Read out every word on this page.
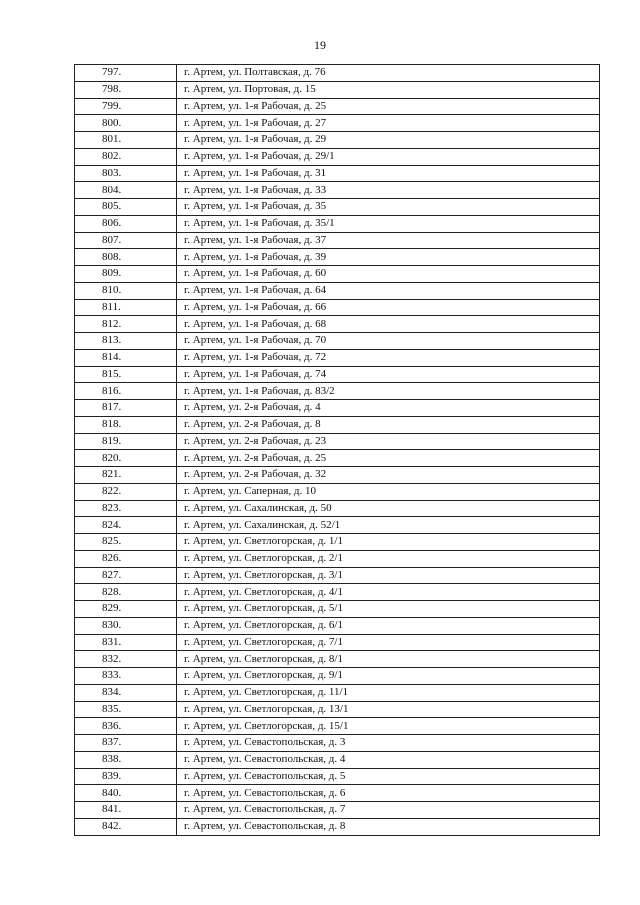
19
797.	г. Артем, ул. Полтавская, д. 76
798.	г. Артем, ул. Портовая, д. 15
799.	г. Артем, ул. 1-я Рабочая, д. 25
800.	г. Артем, ул. 1-я Рабочая, д. 27
801.	г. Артем, ул. 1-я Рабочая, д. 29
802.	г. Артем, ул. 1-я Рабочая, д. 29/1
803.	г. Артем, ул. 1-я Рабочая, д. 31
804.	г. Артем, ул. 1-я Рабочая, д. 33
805.	г. Артем, ул. 1-я Рабочая, д. 35
806.	г. Артем, ул. 1-я Рабочая, д. 35/1
807.	г. Артем, ул. 1-я Рабочая, д. 37
808.	г. Артем, ул. 1-я Рабочая, д. 39
809.	г. Артем, ул. 1-я Рабочая, д. 60
810.	г. Артем, ул. 1-я Рабочая, д. 64
811.	г. Артем, ул. 1-я Рабочая, д. 66
812.	г. Артем, ул. 1-я Рабочая, д. 68
813.	г. Артем, ул. 1-я Рабочая, д. 70
814.	г. Артем, ул. 1-я Рабочая, д. 72
815.	г. Артем, ул. 1-я Рабочая, д. 74
816.	г. Артем, ул. 1-я Рабочая, д. 83/2
817.	г. Артем, ул. 2-я Рабочая, д. 4
818.	г. Артем, ул. 2-я Рабочая, д. 8
819.	г. Артем, ул. 2-я Рабочая, д. 23
820.	г. Артем, ул. 2-я Рабочая, д. 25
821.	г. Артем, ул. 2-я Рабочая, д. 32
822.	г. Артем, ул. Саперная, д. 10
823.	г. Артем, ул. Сахалинская, д. 50
824.	г. Артем, ул. Сахалинская, д. 52/1
825.	г. Артем, ул. Светлогорская, д. 1/1
826.	г. Артем, ул. Светлогорская, д. 2/1
827.	г. Артем, ул. Светлогорская, д. 3/1
828.	г. Артем, ул. Светлогорская, д. 4/1
829.	г. Артем, ул. Светлогорская, д. 5/1
830.	г. Артем, ул. Светлогорская, д. 6/1
831.	г. Артем, ул. Светлогорская, д. 7/1
832.	г. Артем, ул. Светлогорская, д. 8/1
833.	г. Артем, ул. Светлогорская, д. 9/1
834.	г. Артем, ул. Светлогорская, д. 11/1
835.	г. Артем, ул. Светлогорская, д. 13/1
836.	г. Артем, ул. Светлогорская, д. 15/1
837.	г. Артем, ул. Севастопольская, д. 3
838.	г. Артем, ул. Севастопольская, д. 4
839.	г. Артем, ул. Севастопольская, д. 5
840.	г. Артем, ул. Севастопольская, д. 6
841.	г. Артем, ул. Севастопольская, д. 7
842.	г. Артем, ул. Севастопольская, д. 8
